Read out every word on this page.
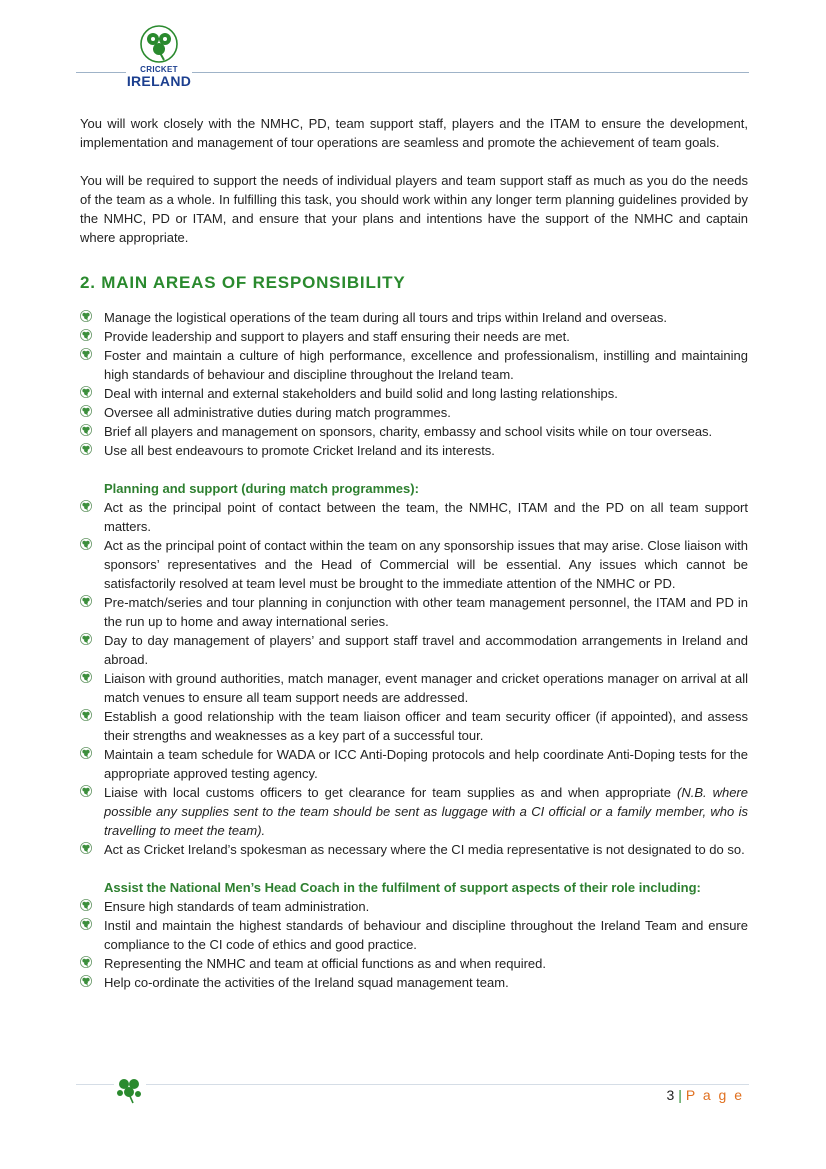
CRICKET
IRELAND

You will work closely with the NMHC, PD, team support staff, players and the ITAM to ensure the development, implementation and management of tour operations are seamless and promote the achievement of team goals.

You will be required to support the needs of individual players and team support staff as much as you do the needs of the team as a whole. In fulfilling this task, you should work within any longer term planning guidelines provided by the NMHC, PD or ITAM, and ensure that your plans and intentions have the support of the NMHC and captain where appropriate.

2. MAIN AREAS OF RESPONSIBILITY
Manage the logistical operations of the team during all tours and trips within Ireland and overseas.
Provide leadership and support to players and staff ensuring their needs are met.
Foster and maintain a culture of high performance, excellence and professionalism, instilling and maintaining high standards of behaviour and discipline throughout the Ireland team.
Deal with internal and external stakeholders and build solid and long lasting relationships.
Oversee all administrative duties during match programmes.
Brief all players and management on sponsors, charity, embassy and school visits while on tour overseas.
Use all best endeavours to promote Cricket Ireland and its interests.
Planning and support (during match programmes):
Act as the principal point of contact between the team, the NMHC, ITAM and the PD on all team support matters.
Act as the principal point of contact within the team on any sponsorship issues that may arise. Close liaison with sponsors’ representatives and the Head of Commercial will be essential. Any issues which cannot be satisfactorily resolved at team level must be brought to the immediate attention of the NMHC or PD.
Pre-match/series and tour planning in conjunction with other team management personnel, the ITAM and PD in the run up to home and away international series.
Day to day management of players’ and support staff travel and accommodation arrangements in Ireland and abroad.
Liaison with ground authorities, match manager, event manager and cricket operations manager on arrival at all match venues to ensure all team support needs are addressed.
Establish a good relationship with the team liaison officer and team security officer (if appointed), and assess their strengths and weaknesses as a key part of a successful tour.
Maintain a team schedule for WADA or ICC Anti-Doping protocols and help coordinate Anti-Doping tests for the appropriate approved testing agency.
Liaise with local customs officers to get clearance for team supplies as and when appropriate (N.B. where possible any supplies sent to the team should be sent as luggage with a CI official or a family member, who is travelling to meet the team).
Act as Cricket Ireland’s spokesman as necessary where the CI media representative is not designated to do so.
Assist the National Men’s Head Coach in the fulfilment of support aspects of their role including:
Ensure high standards of team administration.
Instil and maintain the highest standards of behaviour and discipline throughout the Ireland Team and ensure compliance to the CI code of ethics and good practice.
Representing the NMHC and team at official functions as and when required.
Help co-ordinate the activities of the Ireland squad management team.
3 | P a g e
